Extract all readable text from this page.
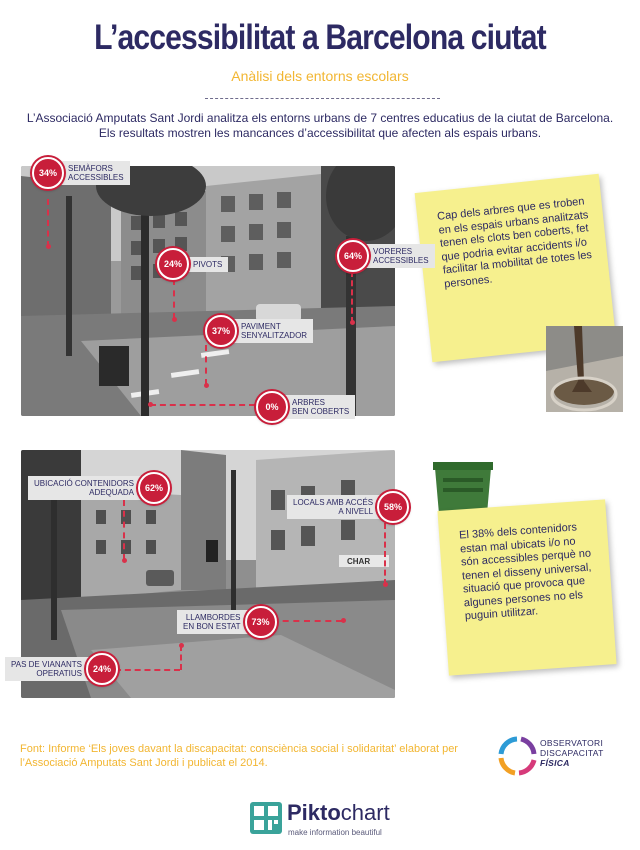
L’accessibilitat a Barcelona ciutat
Anàlisi dels entorns escolars
L’Associació Amputats Sant Jordi analitza els entorns urbans de 7 centres educatius de la ciutat de Barcelona. Els resultats mostren les mancances d’accessibilitat que afecten als espais urbans.
34%	SEMÀFORS
ACCESSIBLES
24%	PIVOTS
64%	VORERES
ACCESSIBLES
37%	PAVIMENT
SENYALITZADOR
0%	ARBRES
BEN COBERTS

Cap dels arbres que es troben en els espais urbans analitzats tenen els clots ben coberts, fet que podria evitar accidents i/o facilitar la mobilitat de totes les persones.

CHAR
UBICACIÓ CONTENIDORS
ADEQUADA	62%
LOCALS AMB ACCÉS
A NIVELL	58%
LLAMBORDES
EN BON ESTAT	73%
PAS DE VIANANTS
OPERATIUS	24%

El 38% dels contenidors estan mal ubicats i/o no són accessibles perquè no tenen el disseny universal, situació que provoca que algunes persones no els puguin utilitzar.

Font: Informe ‘Els joves davant la discapacitat: consciència social i solidaritat’ elaborat per l’Associació Amputats Sant Jordi i publicat el 2014.
OBSERVATORI
DISCAPACITAT
FÍSICA
Piktochart
make information beautiful
